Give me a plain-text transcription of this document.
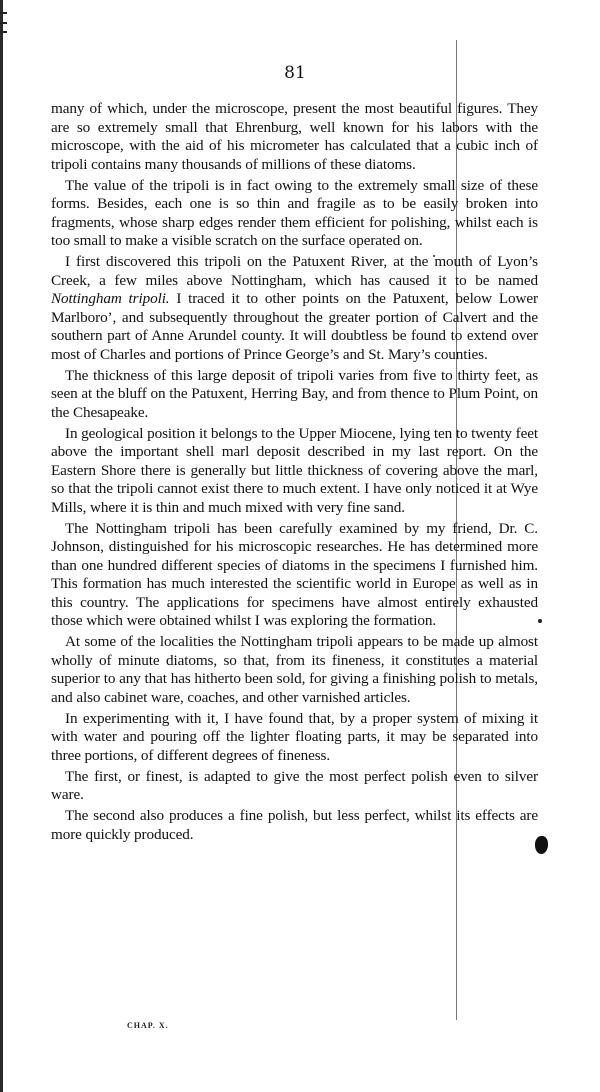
81

many of which, under the microscope, present the most beautiful figures. They are so extremely small that Ehrenburg, well known for his labors with the microscope, with the aid of his micrometer has calculated that a cubic inch of tripoli contains many thousands of millions of these diatoms.

The value of the tripoli is in fact owing to the extremely small size of these forms. Besides, each one is so thin and fragile as to be easily broken into fragments, whose sharp edges render them efficient for polishing, whilst each is too small to make a visible scratch on the surface operated on.

I first discovered this tripoli on the Patuxent River, at the mouth of Lyon’s Creek, a few miles above Nottingham, which has caused it to be named Nottingham tripoli. I traced it to other points on the Patuxent, below Lower Marlboro’, and subsequently throughout the greater portion of Calvert and the southern part of Anne Arundel county. It will doubtless be found to extend over most of Charles and portions of Prince George’s and St. Mary’s counties.

The thickness of this large deposit of tripoli varies from five to thirty feet, as seen at the bluff on the Patuxent, Herring Bay, and from thence to Plum Point, on the Chesapeake.

In geological position it belongs to the Upper Miocene, lying ten to twenty feet above the important shell marl deposit described in my last report. On the Eastern Shore there is generally but little thickness of covering above the marl, so that the tripoli cannot exist there to much extent. I have only noticed it at Wye Mills, where it is thin and much mixed with very fine sand.

The Nottingham tripoli has been carefully examined by my friend, Dr. C. Johnson, distinguished for his microscopic researches. He has determined more than one hundred different species of diatoms in the specimens I furnished him. This formation has much interested the scientific world in Europe as well as in this country. The applications for specimens have almost entirely exhausted those which were obtained whilst I was exploring the formation.

At some of the localities the Nottingham tripoli appears to be made up almost wholly of minute diatoms, so that, from its fineness, it constitutes a material superior to any that has hitherto been sold, for giving a finishing polish to metals, and also cabinet ware, coaches, and other varnished articles.

In experimenting with it, I have found that, by a proper system of mixing it with water and pouring off the lighter floating parts, it may be separated into three portions, of different degrees of fineness.

The first, or finest, is adapted to give the most perfect polish even to silver ware.

The second also produces a fine polish, but less perfect, whilst its effects are more quickly produced.

CHAP. X.
